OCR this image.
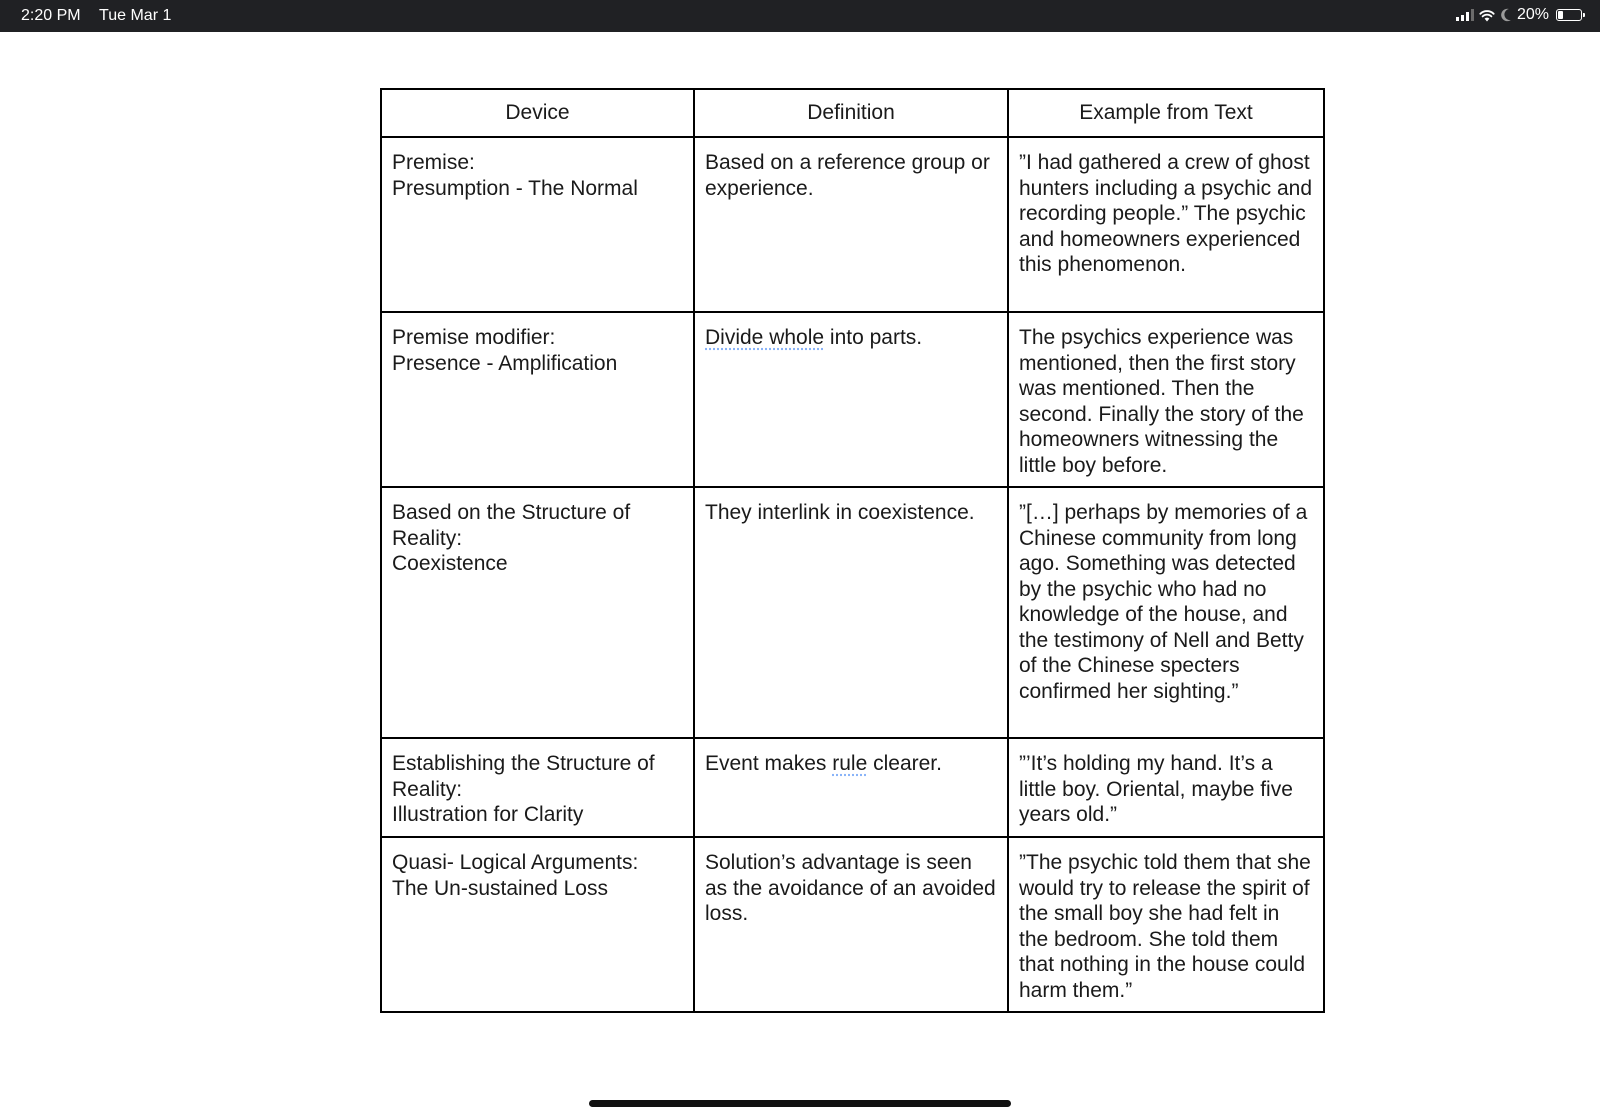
2:20 PM Tue Mar 1	20%
Device	Definition	Example from Text

Premise:
Presumption - The Normal	Based on a reference group or experience.	”I had gathered a crew of ghost hunters including a psychic and recording people.” The psychic and homeowners experienced this phenomenon.

Premise modifier:
Presence - Amplification	Divide whole into parts.	The psychics experience was mentioned, then the first story was mentioned. Then the second. Finally the story of the homeowners witnessing the little boy before.

Based on the Structure of Reality:
Coexistence	They interlink in coexistence.	”[…] perhaps by memories of a Chinese community from long ago. Something was detected by the psychic who had no knowledge of the house, and the testimony of Nell and Betty of the Chinese specters confirmed her sighting.”

Establishing the Structure of Reality:
Illustration for Clarity	Event makes rule clearer.	”’It’s holding my hand. It’s a little boy. Oriental, maybe five years old.”

Quasi- Logical Arguments:
The Un-sustained Loss	Solution’s advantage is seen as the avoidance of an avoided loss.	”The psychic told them that she would try to release the spirit of the small boy she had felt in the bedroom. She told them that nothing in the house could harm them.”
